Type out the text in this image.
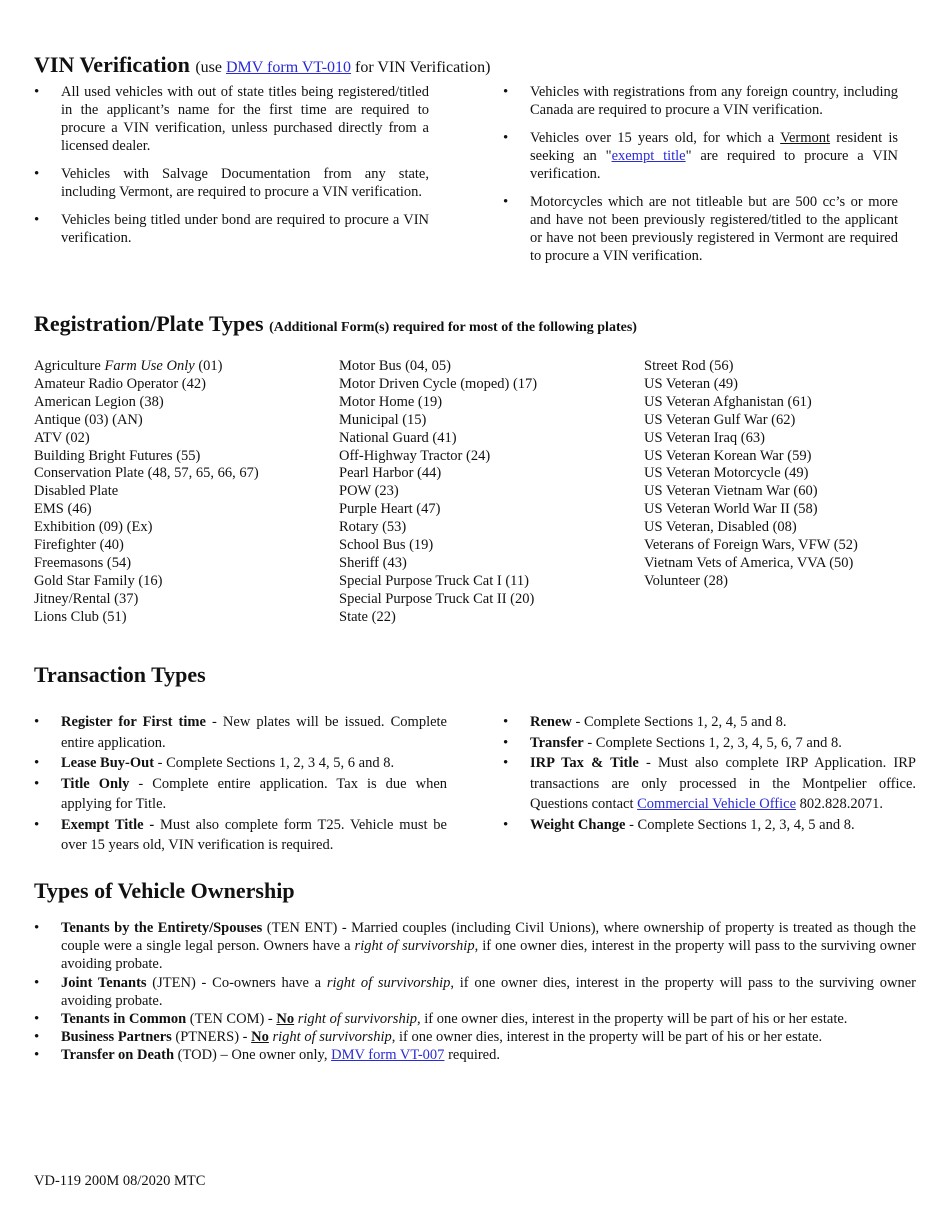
VIN Verification (use DMV form VT-010 for VIN Verification)
• All used vehicles with out of state titles being registered/titled in the applicant’s name for the first time are required to procure a VIN verification, unless purchased directly from a licensed dealer.
• Vehicles with Salvage Documentation from any state, including Vermont, are required to procure a VIN verification.
• Vehicles being titled under bond are required to procure a VIN verification.
• Vehicles with registrations from any foreign country, including Canada are required to procure a VIN verification.
• Vehicles over 15 years old, for which a Vermont resident is seeking an "exempt title" are required to procure a VIN verification.
• Motorcycles which are not titleable but are 500 cc’s or more and have not been previously registered/titled to the applicant or have not been previously registered in Vermont are required to procure a VIN verification.
Registration/Plate Types (Additional Form(s) required for most of the following plates)
Agriculture Farm Use Only (01)
Amateur Radio Operator (42)
American Legion (38)
Antique (03) (AN)
ATV (02)
Building Bright Futures (55)
Conservation Plate (48, 57, 65, 66, 67)
Disabled Plate
EMS (46)
Exhibition (09) (Ex)
Firefighter (40)
Freemasons (54)
Gold Star Family (16)
Jitney/Rental (37)
Lions Club (51)
Motor Bus (04, 05)
Motor Driven Cycle (moped) (17)
Motor Home (19)
Municipal (15)
National Guard (41)
Off-Highway Tractor (24)
Pearl Harbor (44)
POW (23)
Purple Heart (47)
Rotary (53)
School Bus (19)
Sheriff (43)
Special Purpose Truck Cat I (11)
Special Purpose Truck Cat II (20)
State (22)
Street Rod (56)
US Veteran (49)
US Veteran Afghanistan (61)
US Veteran Gulf War (62)
US Veteran Iraq (63)
US Veteran Korean War (59)
US Veteran Motorcycle (49)
US Veteran Vietnam War (60)
US Veteran World War II (58)
US Veteran, Disabled (08)
Veterans of Foreign Wars, VFW (52)
Vietnam Vets of America, VVA (50)
Volunteer (28)
Transaction Types
• Register for First time - New plates will be issued. Complete entire application.
• Lease Buy-Out - Complete Sections 1, 2, 3 4, 5, 6 and 8.
• Title Only - Complete entire application. Tax is due when applying for Title.
• Exempt Title - Must also complete form T25. Vehicle must be over 15 years old, VIN verification is required.
• Renew - Complete Sections 1, 2, 4, 5 and 8.
• Transfer - Complete Sections 1, 2, 3, 4, 5, 6, 7 and 8.
• IRP Tax & Title - Must also complete IRP Application. IRP transactions are only processed in the Montpelier office. Questions contact Commercial Vehicle Office 802.828.2071.
• Weight Change - Complete Sections 1, 2, 3, 4, 5 and 8.
Types of Vehicle Ownership
• Tenants by the Entirety/Spouses (TEN ENT) - Married couples (including Civil Unions), where ownership of property is treated as though the couple were a single legal person. Owners have a right of survivorship, if one owner dies, interest in the property will pass to the surviving owner avoiding probate.
• Joint Tenants (JTEN) - Co-owners have a right of survivorship, if one owner dies, interest in the property will pass to the surviving owner avoiding probate.
• Tenants in Common (TEN COM) - No right of survivorship, if one owner dies, interest in the property will be part of his or her estate.
• Business Partners (PTNERS) - No right of survivorship, if one owner dies, interest in the property will be part of his or her estate.
• Transfer on Death (TOD) – One owner only, DMV form VT-007 required.
VD-119 200M 08/2020 MTC
